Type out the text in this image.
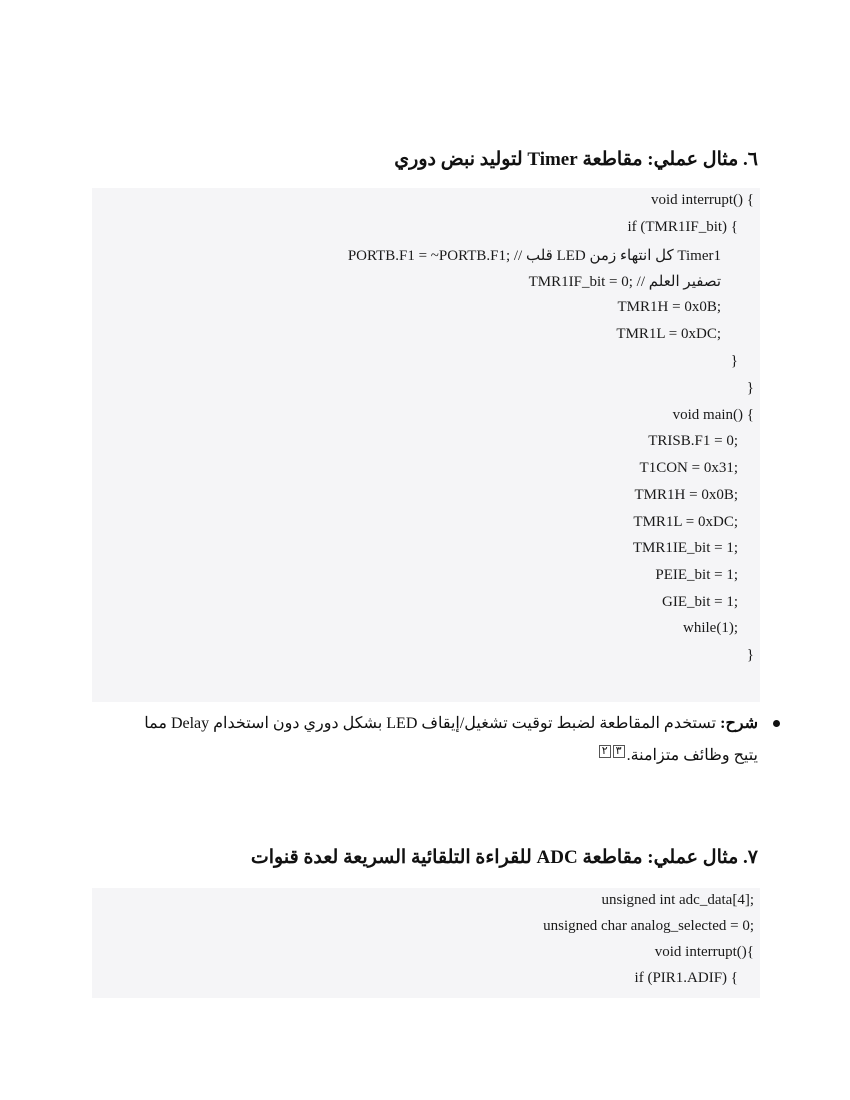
٦. مثال عملي: مقاطعة Timer لتوليد نبض دوري
void interrupt() {
if (TMR1IF_bit) {
PORTB.F1 = ~PORTB.F1; // قلب LED كل انتهاء زمن Timer1
TMR1IF_bit = 0; // تصفير العلم
TMR1H = 0x0B;
TMR1L = 0xDC;
}
}
void main() {
TRISB.F1 = 0;
T1CON = 0x31;
TMR1H = 0x0B;
TMR1L = 0xDC;
TMR1IE_bit = 1;
PEIE_bit = 1;
GIE_bit = 1;
while(1);
}
شرح: تستخدم المقاطعة لضبط توقيت تشغيل/إيقاف LED بشكل دوري دون استخدام Delay مما يتيح وظائف متزامنة.٣٢
٧. مثال عملي: مقاطعة ADC للقراءة التلقائية السريعة لعدة قنوات
unsigned int adc_data[4];
unsigned char analog_selected = 0;
void interrupt(){
if (PIR1.ADIF) {
